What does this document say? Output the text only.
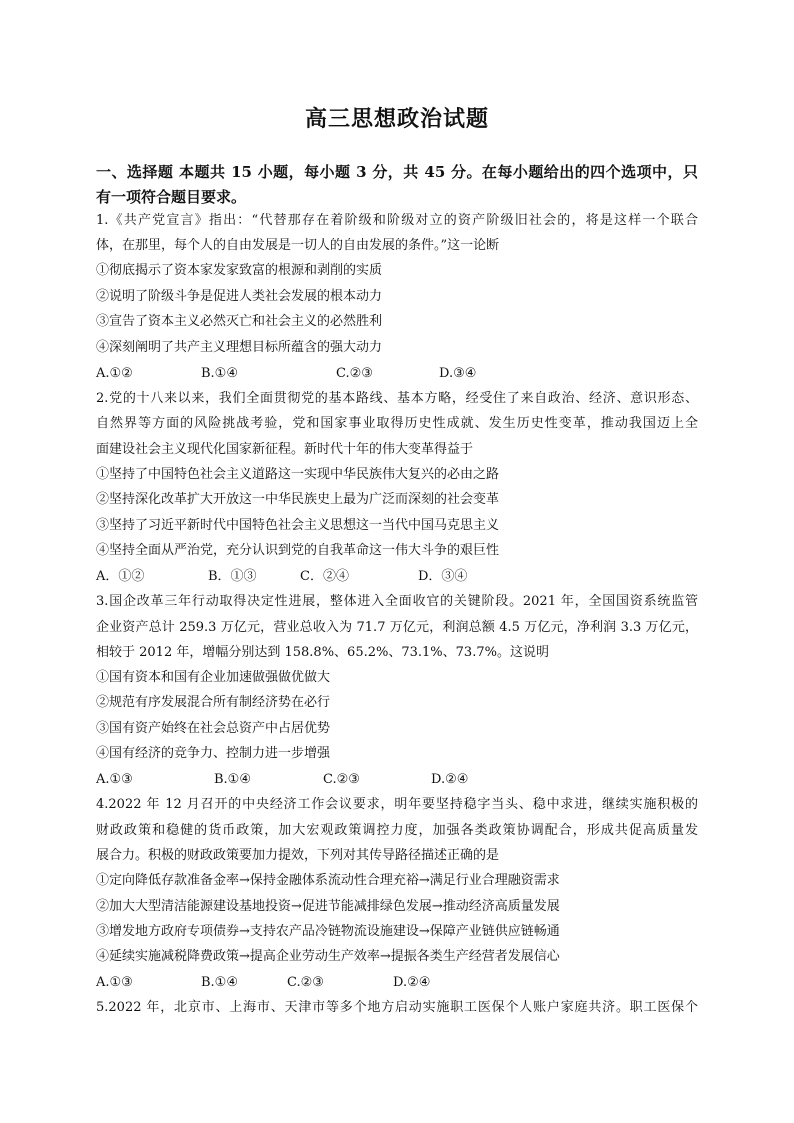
高三思想政治试题
一、选择题 本题共 15 小题，每小题 3 分，共 45 分。在每小题给出的四个选项中，只
有一项符合题目要求。
1.《共产党宣言》指出：“代替那存在着阶级和阶级对立的资产阶级旧社会的，将是这样一个联合
体，在那里，每个人的自由发展是一切人的自由发展的条件。”这一论断
①彻底揭示了资本家发家致富的根源和剥削的实质
②说明了阶级斗争是促进人类社会发展的根本动力
③宣告了资本主义必然灭亡和社会主义的必然胜利
④深刻阐明了共产主义理想目标所蕴含的强大动力
A.①②	B.①④	C.②③	D.③④
2.党的十八来以来，我们全面贯彻党的基本路线、基本方略，经受住了来自政治、经济、意识形态、
自然界等方面的风险挑战考验，党和国家事业取得历史性成就、发生历史性变革，推动我国迈上全
面建设社会主义现代化国家新征程。新时代十年的伟大变革得益于
①坚持了中国特色社会主义道路这一实现中华民族伟大复兴的必由之路
②坚持深化改革扩大开放这一中华民族史上最为广泛而深刻的社会变革
③坚持了习近平新时代中国特色社会主义思想这一当代中国马克思主义
④坚持全面从严治党，充分认识到党的自我革命这一伟大斗争的艰巨性
A．①②	B．①③	C．②④	D．③④
3.国企改革三年行动取得决定性进展，整体进入全面收官的关键阶段。2021 年，全国国资系统监管
企业资产总计 259.3 万亿元，营业总收入为 71.7 万亿元，利润总额 4.5 万亿元，净利润 3.3 万亿元，
相较于 2012 年，增幅分别达到 158.8%、65.2%、73.1%、73.7%。这说明
①国有资本和国有企业加速做强做优做大
②规范有序发展混合所有制经济势在必行
③国有资产始终在社会总资产中占居优势
④国有经济的竞争力、控制力进一步增强
A.①③	B.①④	C.②③	D.②④
4.2022 年 12 月召开的中央经济工作会议要求，明年要坚持稳字当头、稳中求进，继续实施积极的
财政政策和稳健的货币政策，加大宏观政策调控力度，加强各类政策协调配合，形成共促高质量发
展合力。积极的财政政策要加力提效，下列对其传导路径描述正确的是
①定向降低存款准备金率→保持金融体系流动性合理充裕→满足行业合理融资需求
②加大大型清洁能源建设基地投资→促进节能减排绿色发展→推动经济高质量发展
③增发地方政府专项债券→支持农产品冷链物流设施建设→保障产业链供应链畅通
④延续实施减税降费政策→提高企业劳动生产效率→提振各类生产经营者发展信心
A.①③	B.①④	C.②③	D.②④
5.2022 年，北京市、上海市、天津市等多个地方启动实施职工医保个人账户家庭共济。职工医保个
